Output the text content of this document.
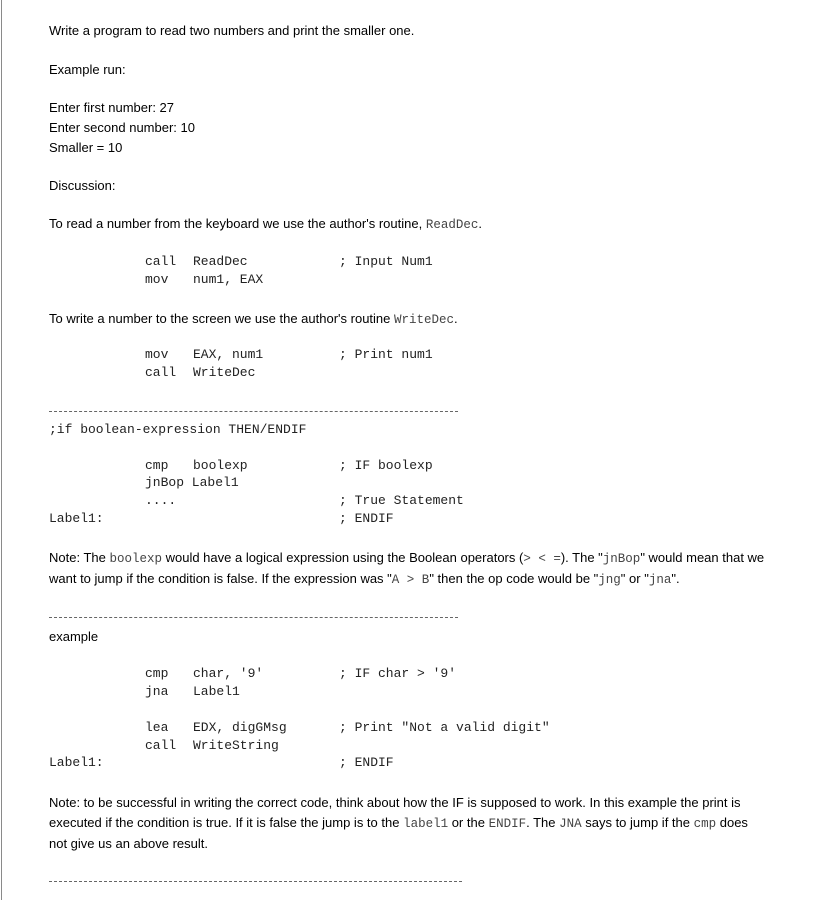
Write a program to read two numbers and print the smaller one.
Example run:
Enter first number: 27
Enter second number: 10
Smaller = 10
Discussion:
To read a number from the keyboard we use the author's routine, ReadDec.
call ReadDec	; Input Num1
mov num1, EAX
To write a number to the screen we use the author's routine WriteDec.
mov EAX, num1	; Print num1
call WriteDec
;if boolean-expression THEN/ENDIF
cmp boolexp	; IF boolexp
jnBop Label1
....	; True Statement
Label1:	; ENDIF
Note: The boolexp would have a logical expression using the Boolean operators (> < =). The "jnBop" would mean that we want to jump if the condition is false. If the expression was "A > B" then the op code would be "jng" or "jna".
example
cmp char, '9'	; IF char > '9'
jna Label1
lea EDX, digGMsg	; Print "Not a valid digit"
call WriteString
Label1:	; ENDIF
Note: to be successful in writing the correct code, think about how the IF is supposed to work. In this example the print is executed if the condition is true. If it is false the jump is to the label1 or the ENDIF. The JNA says to jump if the cmp does not give us an above result.
